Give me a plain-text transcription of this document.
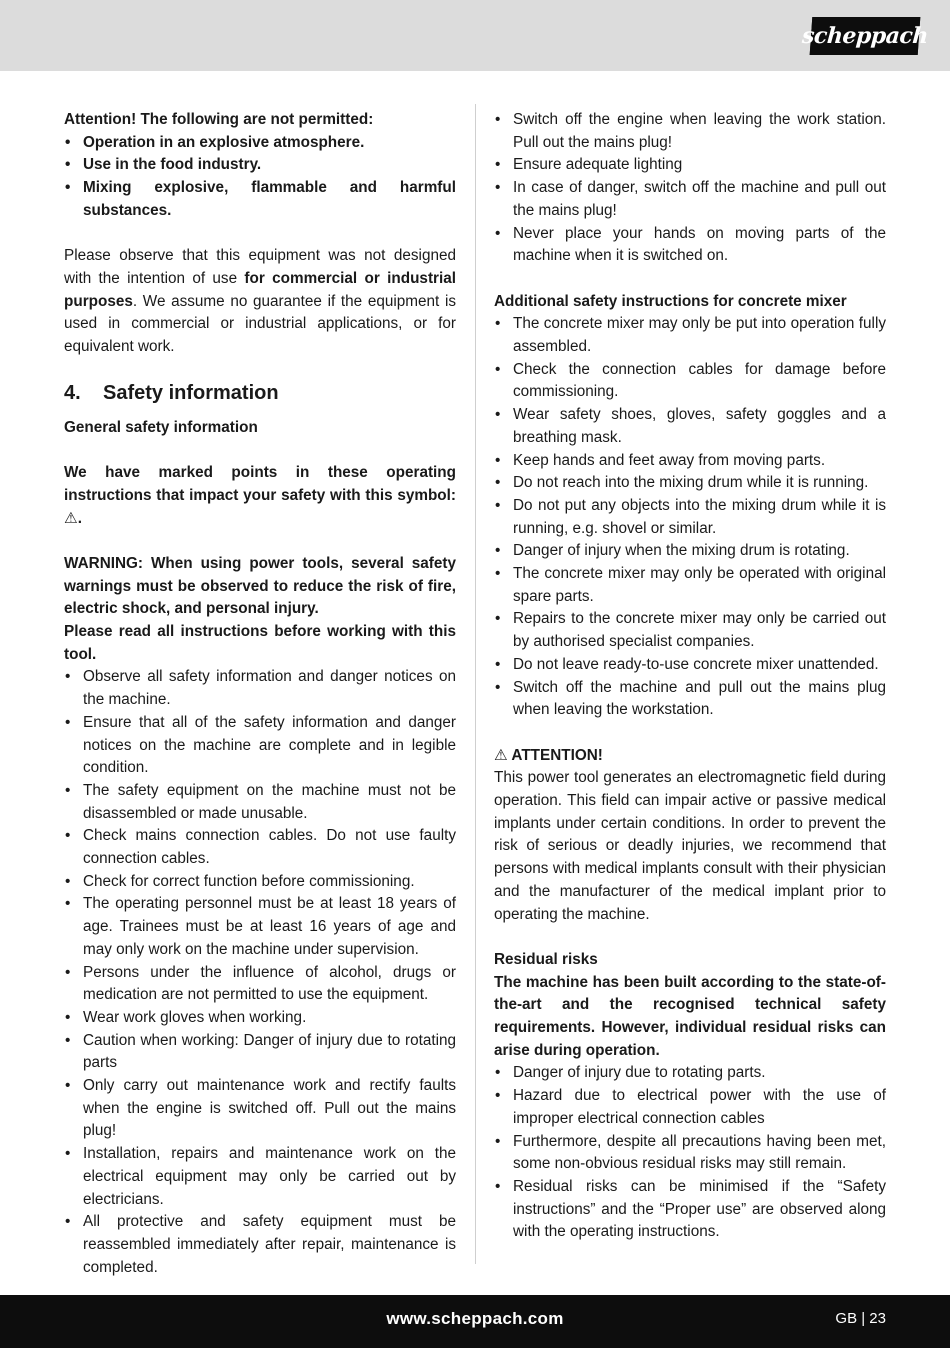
scheppach

Attention! The following are not permitted:

• Operation in an explosive atmosphere.
• Use in the food industry.
• Mixing explosive, flammable and harmful substances.

Please observe that this equipment was not designed with the intention of use for commercial or industrial purposes. We assume no guarantee if the equipment is used in commercial or industrial applications, or for equivalent work.

4. Safety information

General safety information

We have marked points in these operating instructions that impact your safety with this symbol: ⚠.

WARNING: When using power tools, several safety warnings must be observed to reduce the risk of fire, electric shock, and personal injury.

Please read all instructions before working with this tool.

• Observe all safety information and danger notices on the machine.
• Ensure that all of the safety information and danger notices on the machine are complete and in legible condition.
• The safety equipment on the machine must not be disassembled or made unusable.
• Check mains connection cables. Do not use faulty connection cables.
• Check for correct function before commissioning.
• The operating personnel must be at least 18 years of age. Trainees must be at least 16 years of age and may only work on the machine under supervision.
• Persons under the influence of alcohol, drugs or medication are not permitted to use the equipment.
• Wear work gloves when working.
• Caution when working: Danger of injury due to rotating parts
• Only carry out maintenance work and rectify faults when the engine is switched off. Pull out the mains plug!
• Installation, repairs and maintenance work on the electrical equipment may only be carried out by electricians.
• All protective and safety equipment must be reassembled immediately after repair, maintenance is completed.
• Switch off the engine when leaving the work station. Pull out the mains plug!
• Ensure adequate lighting
• In case of danger, switch off the machine and pull out the mains plug!
• Never place your hands on moving parts of the machine when it is switched on.

Additional safety instructions for concrete mixer

• The concrete mixer may only be put into operation fully assembled.
• Check the connection cables for damage before commissioning.
• Wear safety shoes, gloves, safety goggles and a breathing mask.
• Keep hands and feet away from moving parts.
• Do not reach into the mixing drum while it is running.
• Do not put any objects into the mixing drum while it is running, e.g. shovel or similar.
• Danger of injury when the mixing drum is rotating.
• The concrete mixer may only be operated with original spare parts.
• Repairs to the concrete mixer may only be carried out by authorised specialist companies.
• Do not leave ready-to-use concrete mixer unattended.
• Switch off the machine and pull out the mains plug when leaving the workstation.

⚠ ATTENTION!

This power tool generates an electromagnetic field during operation. This field can impair active or passive medical implants under certain conditions. In order to prevent the risk of serious or deadly injuries, we recommend that persons with medical implants consult with their physician and the manufacturer of the medical implant prior to operating the machine.

Residual risks

The machine has been built according to the state-of-the-art and the recognised technical safety requirements. However, individual residual risks can arise during operation.

• Danger of injury due to rotating parts.
• Hazard due to electrical power with the use of improper electrical connection cables
• Furthermore, despite all precautions having been met, some non-obvious residual risks may still remain.
• Residual risks can be minimised if the “Safety instructions” and the “Proper use” are observed along with the operating instructions.
www.scheppach.com	GB | 23
